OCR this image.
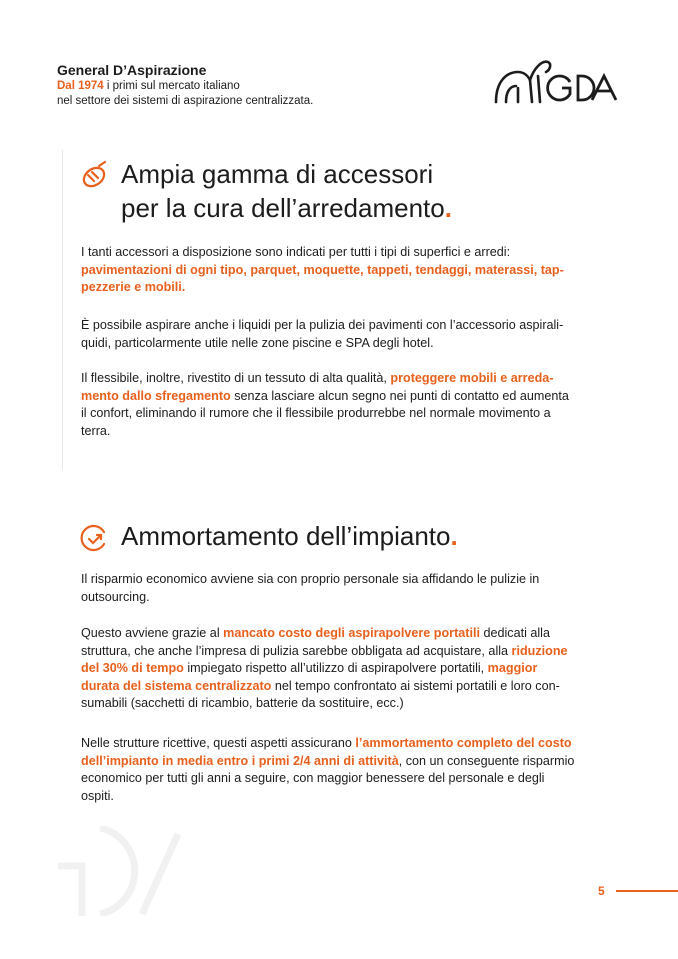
General D’Aspirazione
Dal 1974 i primi sul mercato italiano
nel settore dei sistemi di aspirazione centralizzata.
Ampia gamma di accessori
per la cura dell’arredamento.
I tanti accessori a disposizione sono indicati per tutti i tipi di superfici e arredi:
pavimentazioni di ogni tipo, parquet, moquette, tappeti, tendaggi, materassi, tap-
pezzerie e mobili.
È possibile aspirare anche i liquidi per la pulizia dei pavimenti con l’accessorio aspirali-
quidi, particolarmente utile nelle zone piscine e SPA degli hotel.
Il flessibile, inoltre, rivestito di un tessuto di alta qualità, proteggere mobili e arreda-
mento dallo sfregamento senza lasciare alcun segno nei punti di contatto ed aumenta
il confort, eliminando il rumore che il flessibile produrrebbe nel normale movimento a
terra.
Ammortamento dell’impianto.
Il risparmio economico avviene sia con proprio personale sia affidando le pulizie in
outsourcing.
Questo avviene grazie al mancato costo degli aspirapolvere portatili dedicati alla
struttura, che anche l’impresa di pulizia sarebbe obbligata ad acquistare, alla riduzione
del 30% di tempo impiegato rispetto all’utilizzo di aspirapolvere portatili, maggior
durata del sistema centralizzato nel tempo confrontato ai sistemi portatili e loro con-
sumabili (sacchetti di ricambio, batterie da sostituire, ecc.)
Nelle strutture ricettive, questi aspetti assicurano l’ammortamento completo del costo
dell’impianto in media entro i primi 2/4 anni di attività, con un conseguente risparmio
economico per tutti gli anni a seguire, con maggior benessere del personale e degli
ospiti.
5
